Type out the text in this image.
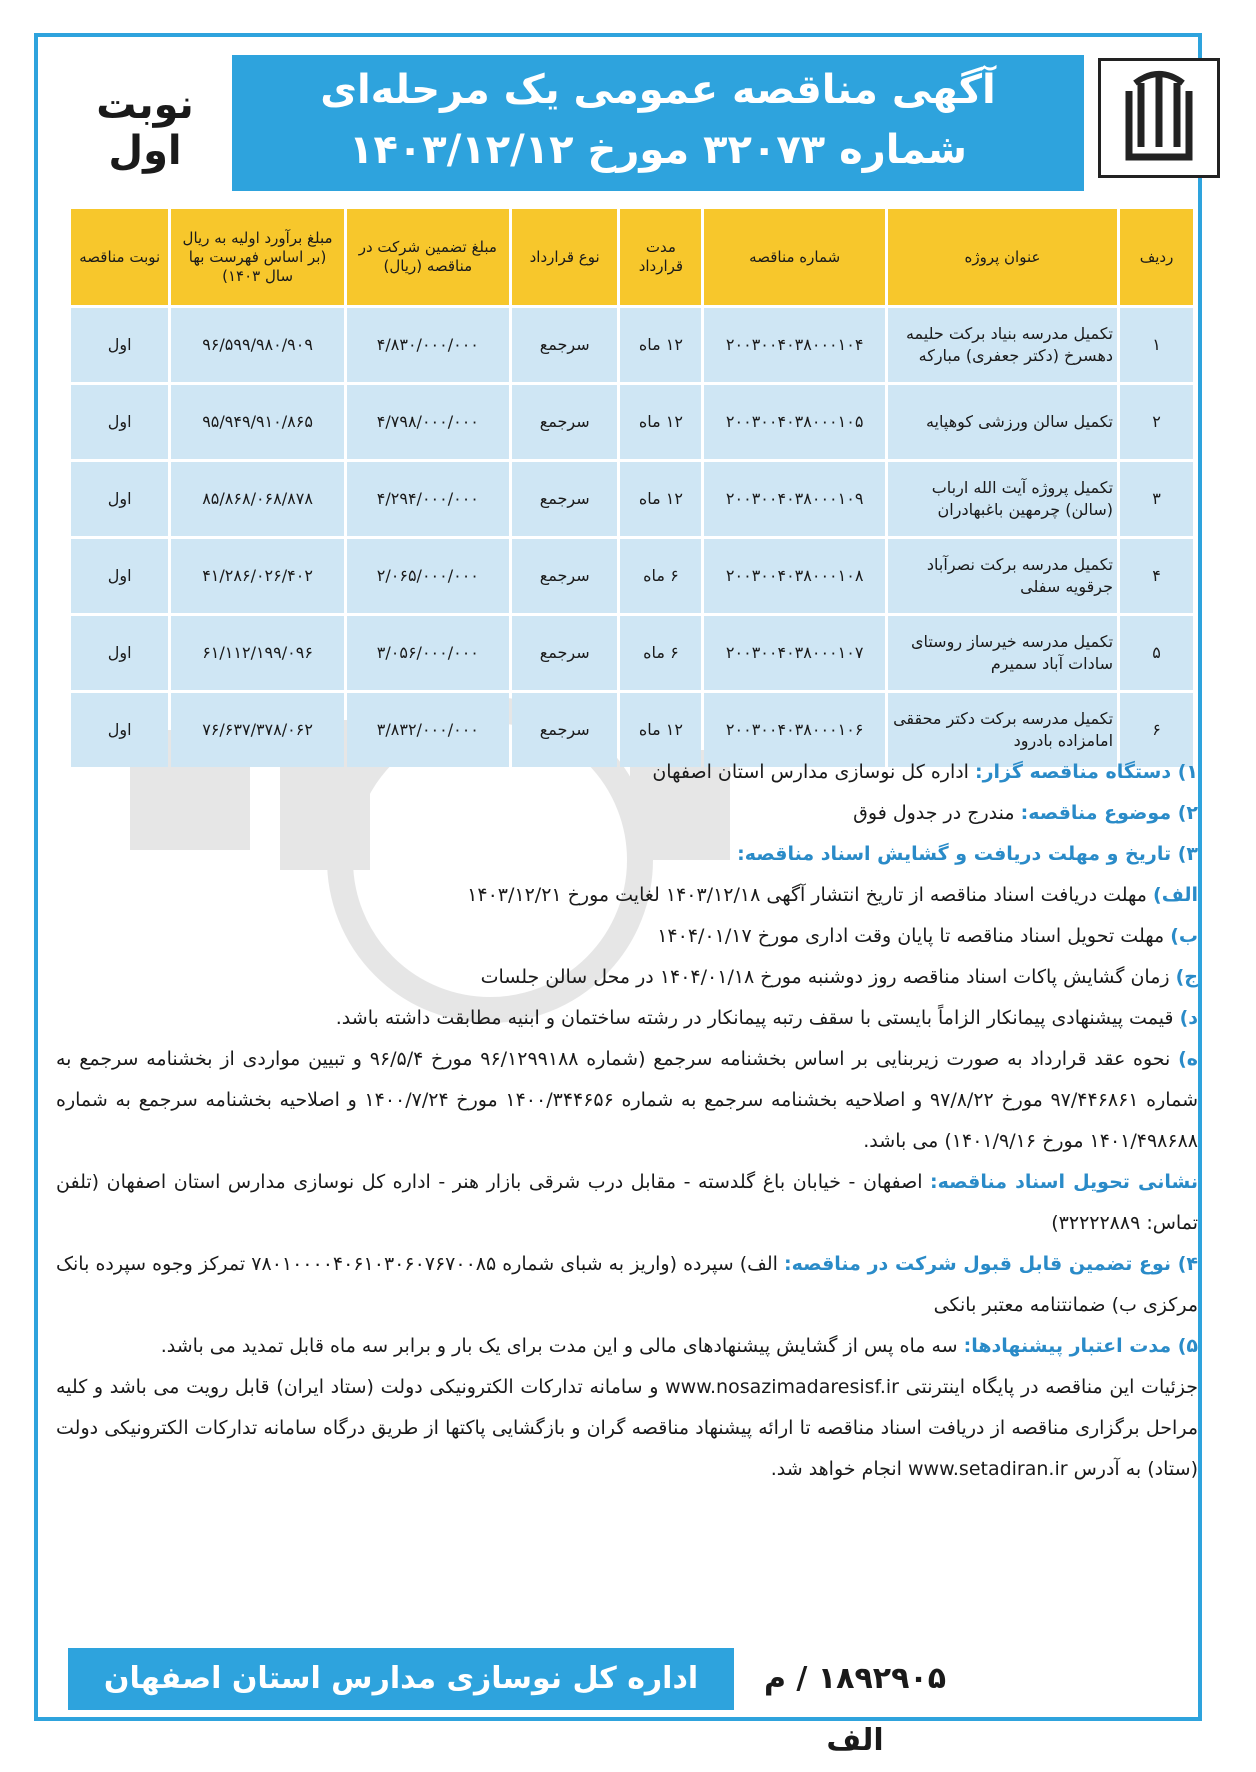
آگهی مناقصه عمومی یک مرحله‌ای
شماره ۳۲۰۷۳ مورخ ۱۴۰۳/۱۲/۱۲
نوبت اول
ردیف	عنوان پروژه	شماره مناقصه	مدت قرارداد	نوع قرارداد	مبلغ تضمین شرکت در مناقصه (ریال)	مبلغ برآورد اولیه به ریال (بر اساس فهرست بها سال ۱۴۰۳)	نوبت مناقصه
۱	تکمیل مدرسه بنیاد برکت حلیمه دهسرخ (دکتر جعفری) مبارکه	۲۰۰۳۰۰۴۰۳۸۰۰۰۱۰۴	۱۲ ماه	سرجمع	۴/۸۳۰/۰۰۰/۰۰۰	۹۶/۵۹۹/۹۸۰/۹۰۹	اول
۲	تکمیل سالن ورزشی کوهپایه	۲۰۰۳۰۰۴۰۳۸۰۰۰۱۰۵	۱۲ ماه	سرجمع	۴/۷۹۸/۰۰۰/۰۰۰	۹۵/۹۴۹/۹۱۰/۸۶۵	اول
۳	تکمیل پروژه آیت الله ارباب (سالن) چرمهین باغبهادران	۲۰۰۳۰۰۴۰۳۸۰۰۰۱۰۹	۱۲ ماه	سرجمع	۴/۲۹۴/۰۰۰/۰۰۰	۸۵/۸۶۸/۰۶۸/۸۷۸	اول
۴	تکمیل مدرسه برکت نصرآباد جرقویه سفلی	۲۰۰۳۰۰۴۰۳۸۰۰۰۱۰۸	۶ ماه	سرجمع	۲/۰۶۵/۰۰۰/۰۰۰	۴۱/۲۸۶/۰۲۶/۴۰۲	اول
۵	تکمیل مدرسه خیرساز روستای سادات آباد سمیرم	۲۰۰۳۰۰۴۰۳۸۰۰۰۱۰۷	۶ ماه	سرجمع	۳/۰۵۶/۰۰۰/۰۰۰	۶۱/۱۱۲/۱۹۹/۰۹۶	اول
۶	تکمیل مدرسه برکت دکتر محققی امامزاده بادرود	۲۰۰۳۰۰۴۰۳۸۰۰۰۱۰۶	۱۲ ماه	سرجمع	۳/۸۳۲/۰۰۰/۰۰۰	۷۶/۶۳۷/۳۷۸/۰۶۲	اول

۱) دستگاه مناقصه گزار: اداره کل نوسازی مدارس استان اصفهان

۲) موضوع مناقصه: مندرج در جدول فوق

۳) تاریخ و مهلت دریافت و گشایش اسناد مناقصه:

الف) مهلت دریافت اسناد مناقصه از تاریخ انتشار آگهی ۱۴۰۳/۱۲/۱۸ لغایت مورخ ۱۴۰۳/۱۲/۲۱

ب) مهلت تحویل اسناد مناقصه تا پایان وقت اداری مورخ ۱۴۰۴/۰۱/۱۷

ج) زمان گشایش پاکات اسناد مناقصه روز دوشنبه مورخ ۱۴۰۴/۰۱/۱۸ در محل سالن جلسات

د) قیمت پیشنهادی پیمانکار الزاماً بایستی با سقف رتبه پیمانکار در رشته ساختمان و ابنیه مطابقت داشته باشد.

ه) نحوه عقد قرارداد به صورت زیربنایی بر اساس بخشنامه سرجمع (شماره ۹۶/۱۲۹۹۱۸۸ مورخ ۹۶/۵/۴ و تبیین مواردی از بخشنامه سرجمع به شماره ۹۷/۴۴۶۸۶۱ مورخ ۹۷/۸/۲۲ و اصلاحیه بخشنامه سرجمع به شماره ۱۴۰۰/۳۴۴۶۵۶ مورخ ۱۴۰۰/۷/۲۴ و اصلاحیه بخشنامه سرجمع به شماره ۱۴۰۱/۴۹۸۶۸۸ مورخ ۱۴۰۱/۹/۱۶) می باشد.

نشانی تحویل اسناد مناقصه: اصفهان - خیابان باغ گلدسته - مقابل درب شرقی بازار هنر - اداره کل نوسازی مدارس استان اصفهان (تلفن تماس: ۳۲۲۲۲۸۸۹)

۴) نوع تضمین قابل قبول شرکت در مناقصه: الف) سپرده (واریز به شبای شماره ۷۸۰۱۰۰۰۰۴۰۶۱۰۳۰۶۰۷۶۷۰۰۸۵ تمرکز وجوه سپرده بانک مرکزی ب) ضمانتنامه معتبر بانکی

۵) مدت اعتبار پیشنهادها: سه ماه پس از گشایش پیشنهادهای مالی و این مدت برای یک بار و برابر سه ماه قابل تمدید می باشد.

جزئیات این مناقصه در پایگاه اینترنتی www.nosazimadaresisf.ir و سامانه تدارکات الکترونیکی دولت (ستاد ایران) قابل رویت می باشد و کلیه مراحل برگزاری مناقصه از دریافت اسناد مناقصه تا ارائه پیشنهاد مناقصه گران و بازگشایی پاکتها از طریق درگاه سامانه تدارکات الکترونیکی دولت (ستاد) به آدرس www.setadiran.ir انجام خواهد شد.

۱۸۹۲۹۰۵ / م الف
اداره کل نوسازی مدارس استان اصفهان
